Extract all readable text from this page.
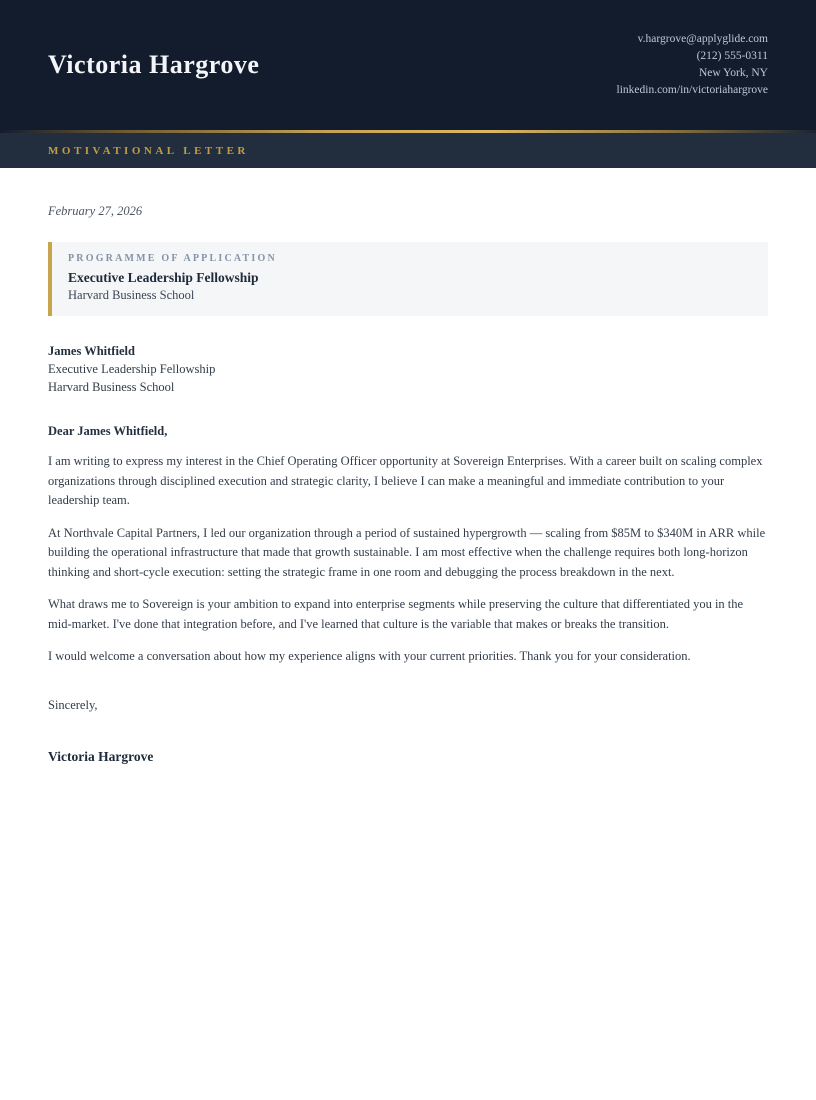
Victoria Hargrove
v.hargrove@applyglide.com
(212) 555-0311
New York, NY
linkedin.com/in/victoriahargrove
MOTIVATIONAL LETTER
February 27, 2026
PROGRAMME OF APPLICATION
Executive Leadership Fellowship
Harvard Business School
James Whitfield
Executive Leadership Fellowship
Harvard Business School
Dear James Whitfield,

I am writing to express my interest in the Chief Operating Officer opportunity at Sovereign Enterprises. With a career built on scaling complex organizations through disciplined execution and strategic clarity, I believe I can make a meaningful and immediate contribution to your leadership team.

At Northvale Capital Partners, I led our organization through a period of sustained hypergrowth — scaling from $85M to $340M in ARR while building the operational infrastructure that made that growth sustainable. I am most effective when the challenge requires both long-horizon thinking and short-cycle execution: setting the strategic frame in one room and debugging the process breakdown in the next.

What draws me to Sovereign is your ambition to expand into enterprise segments while preserving the culture that differentiated you in the mid-market. I've done that integration before, and I've learned that culture is the variable that makes or breaks the transition.

I would welcome a conversation about how my experience aligns with your current priorities. Thank you for your consideration.

Sincerely,
Victoria Hargrove
